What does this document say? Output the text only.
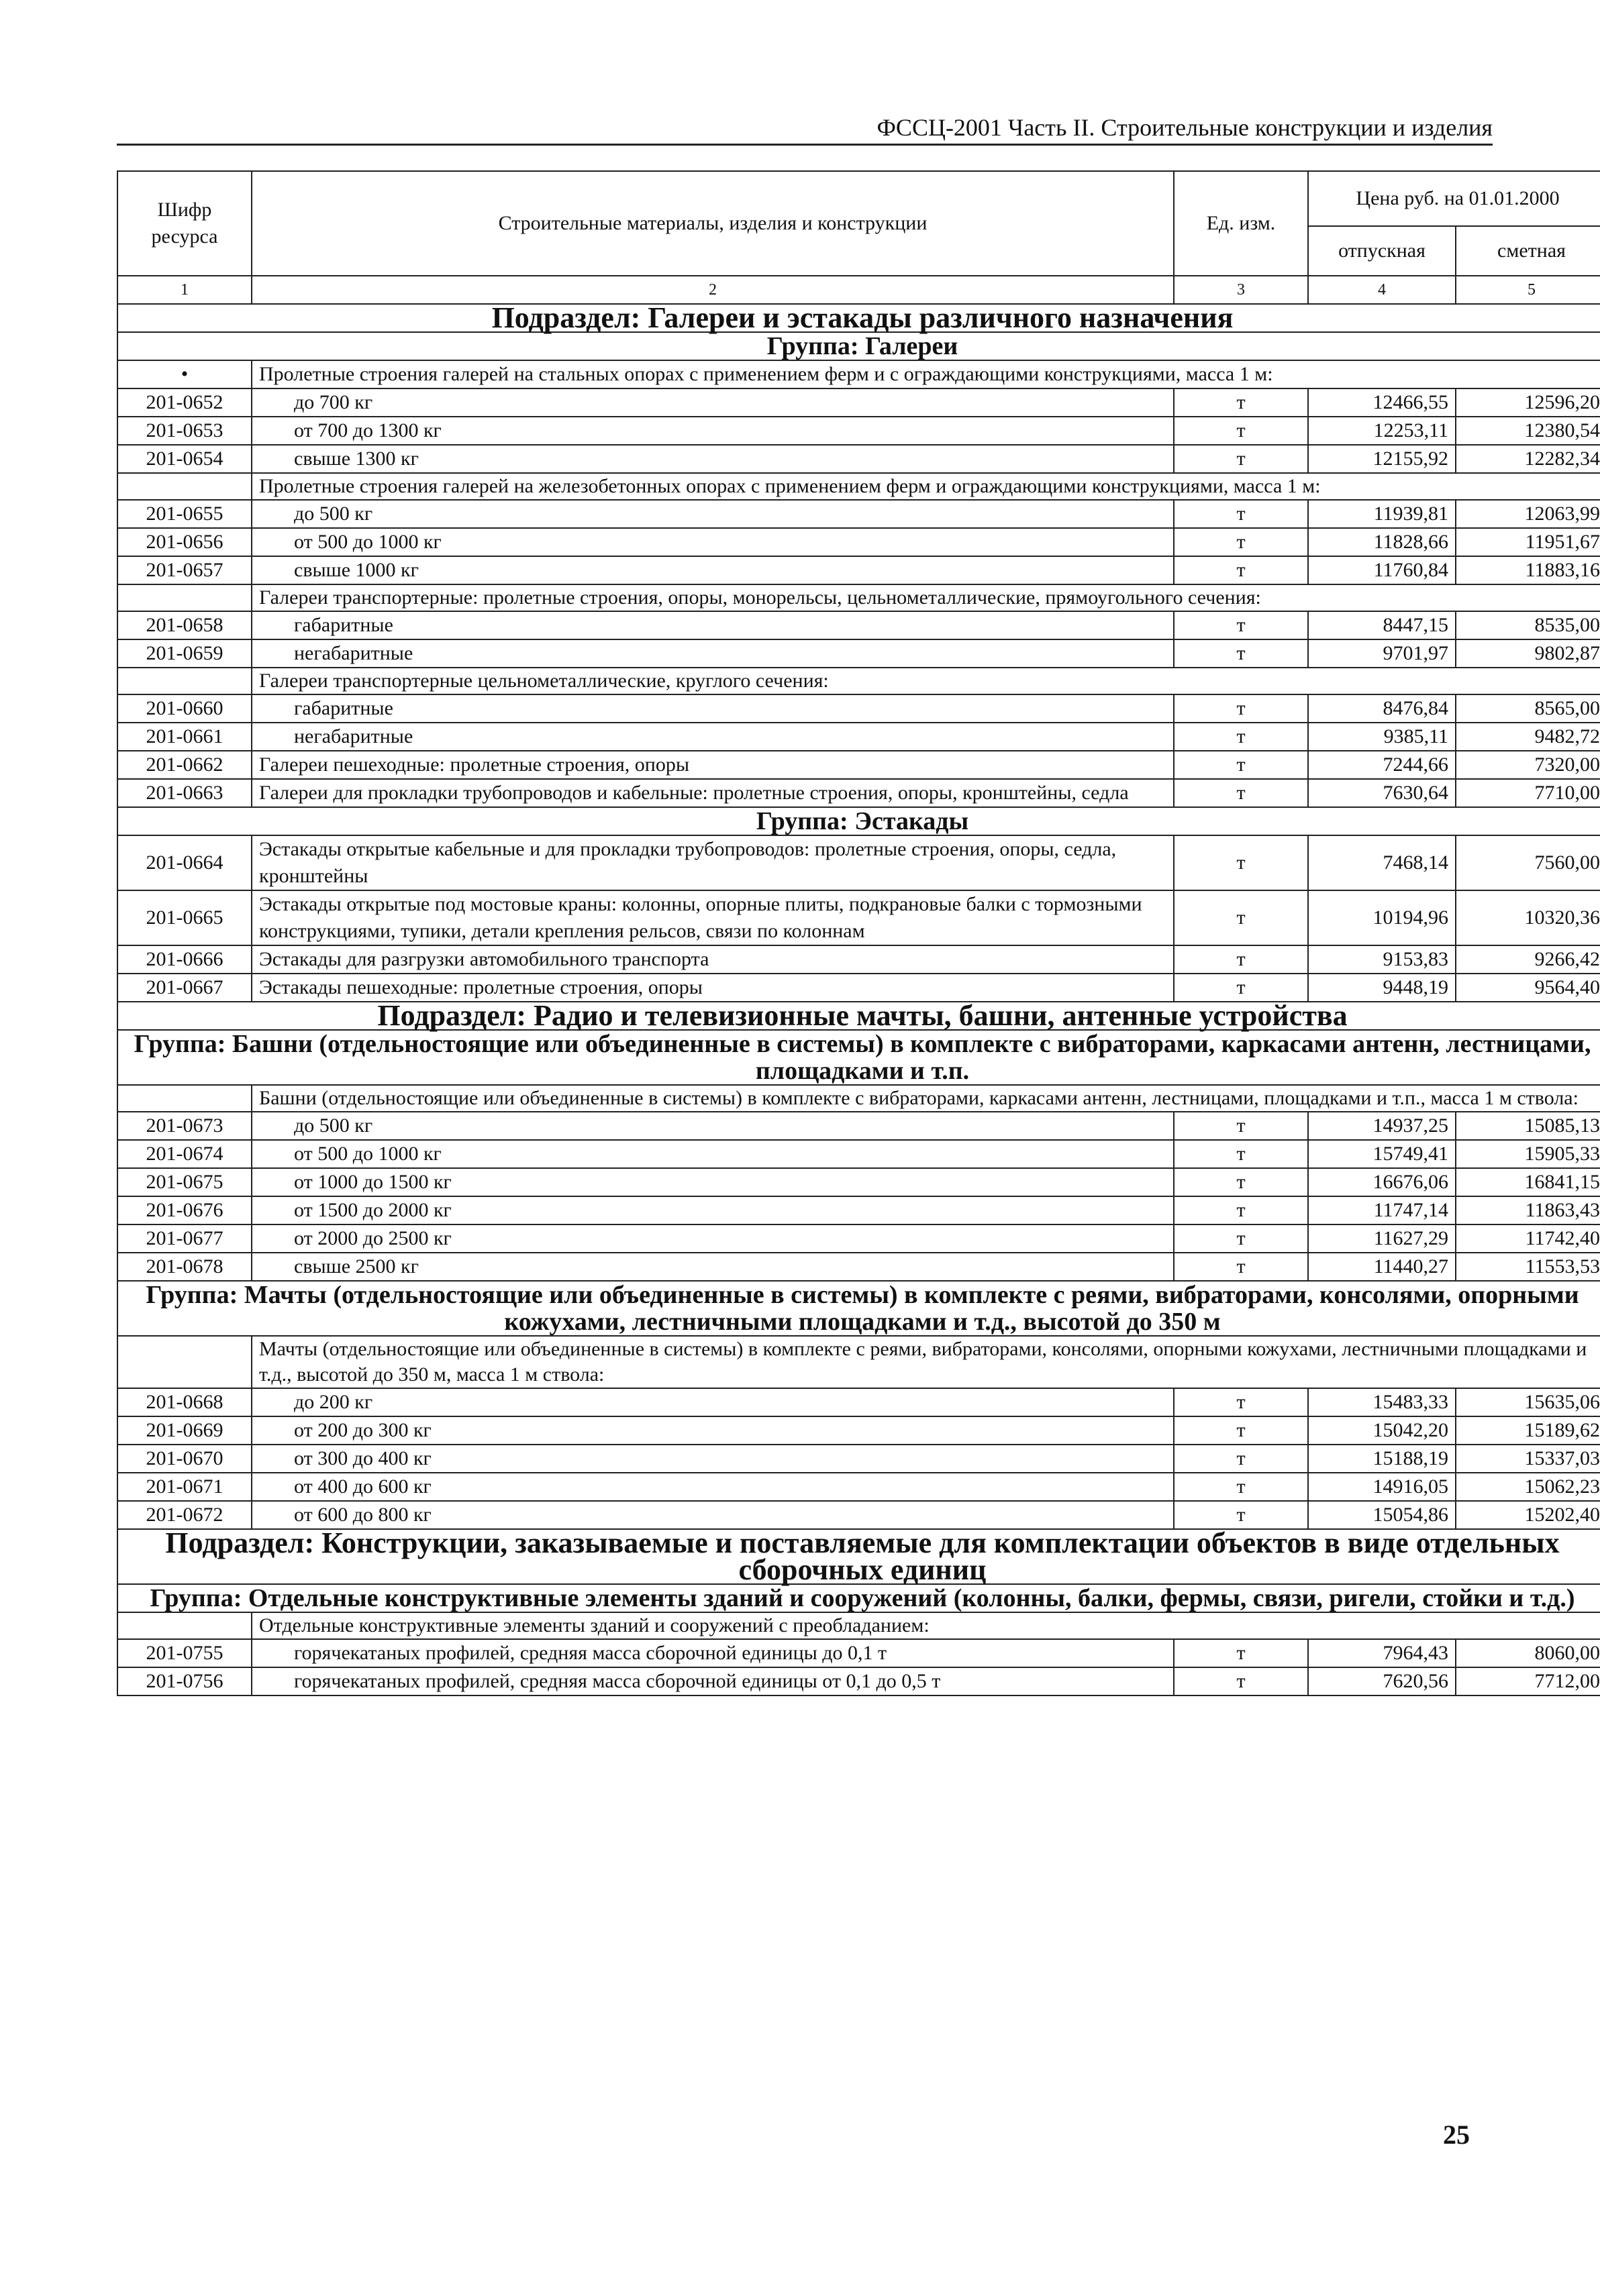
ФССЦ-2001 Часть II. Строительные конструкции и изделия
Шифр ресурса	Строительные материалы, изделия и конструкции	Ед. изм.	Цена руб. на 01.01.2000	
			отпускная	сметная
1	2	3	4	5
Подраздел: Галереи и эстакады различного назначения				
Группа: Галереи				
•	Пролетные строения галерей на стальных опорах с применением ферм и с ограждающими конструкциями, масса 1 м:			
201-0652	до 700 кг	т	12466,55	12596,20
201-0653	от 700 до 1300 кг	т	12253,11	12380,54
201-0654	свыше 1300 кг	т	12155,92	12282,34
	Пролетные строения галерей на железобетонных опорах с применением ферм и ограждающими конструкциями, масса 1 м:			
201-0655	до 500 кг	т	11939,81	12063,99
201-0656	от 500 до 1000 кг	т	11828,66	11951,67
201-0657	свыше 1000 кг	т	11760,84	11883,16
	Галереи транспортерные: пролетные строения, опоры, монорельсы, цельнометаллические, прямоугольного сечения:			
201-0658	габаритные	т	8447,15	8535,00
201-0659	негабаритные	т	9701,97	9802,87
	Галереи транспортерные цельнометаллические, круглого сечения:			
201-0660	габаритные	т	8476,84	8565,00
201-0661	негабаритные	т	9385,11	9482,72
201-0662	Галереи пешеходные: пролетные строения, опоры	т	7244,66	7320,00
201-0663	Галереи для прокладки трубопроводов и кабельные: пролетные строения, опоры, кронштейны, седла	т	7630,64	7710,00
Группа: Эстакады				
201-0664	Эстакады открытые кабельные и для прокладки трубопроводов: пролетные строения, опоры, седла, кронштейны	т	7468,14	7560,00
201-0665	Эстакады открытые под мостовые краны: колонны, опорные плиты, подкрановые балки с тормозными конструкциями, тупики, детали крепления рельсов, связи по колоннам	т	10194,96	10320,36
201-0666	Эстакады для разгрузки автомобильного транспорта	т	9153,83	9266,42
201-0667	Эстакады пешеходные: пролетные строения, опоры	т	9448,19	9564,40
Подраздел: Радио и телевизионные мачты, башни, антенные устройства				
Группа: Башни (отдельностоящие или объединенные в системы) в комплекте с вибраторами, каркасами антенн, лестницами, площадками и т.п.				
	Башни (отдельностоящие или объединенные в системы) в комплекте с вибраторами, каркасами антенн, лестницами, площадками и т.п., масса 1 м ствола:			
201-0673	до 500 кг	т	14937,25	15085,13
201-0674	от 500 до 1000 кг	т	15749,41	15905,33
201-0675	от 1000 до 1500 кг	т	16676,06	16841,15
201-0676	от 1500 до 2000 кг	т	11747,14	11863,43
201-0677	от 2000 до 2500 кг	т	11627,29	11742,40
201-0678	свыше 2500 кг	т	11440,27	11553,53
Группа: Мачты (отдельностоящие или объединенные в системы) в комплекте с реями, вибраторами, консолями, опорными кожухами, лестничными площадками и т.д., высотой до 350 м				
	Мачты (отдельностоящие или объединенные в системы) в комплекте с реями, вибраторами, консолями, опорными кожухами, лестничными площадками и т.д., высотой до 350 м, масса 1 м ствола:			
201-0668	до 200 кг	т	15483,33	15635,06
201-0669	от 200 до 300 кг	т	15042,20	15189,62
201-0670	от 300 до 400 кг	т	15188,19	15337,03
201-0671	от 400 до 600 кг	т	14916,05	15062,23
201-0672	от 600 до 800 кг	т	15054,86	15202,40
Подраздел: Конструкции, заказываемые и поставляемые для комплектации объектов в виде отдельных сборочных единиц				
Группа: Отдельные конструктивные элементы зданий и сооружений (колонны, балки, фермы, связи, ригели, стойки и т.д.)				
	Отдельные конструктивные элементы зданий и сооружений с преобладанием:			
201-0755	горячекатаных профилей, средняя масса сборочной единицы до 0,1 т	т	7964,43	8060,00
201-0756	горячекатаных профилей, средняя масса сборочной единицы от 0,1 до 0,5 т	т	7620,56	7712,00
25
